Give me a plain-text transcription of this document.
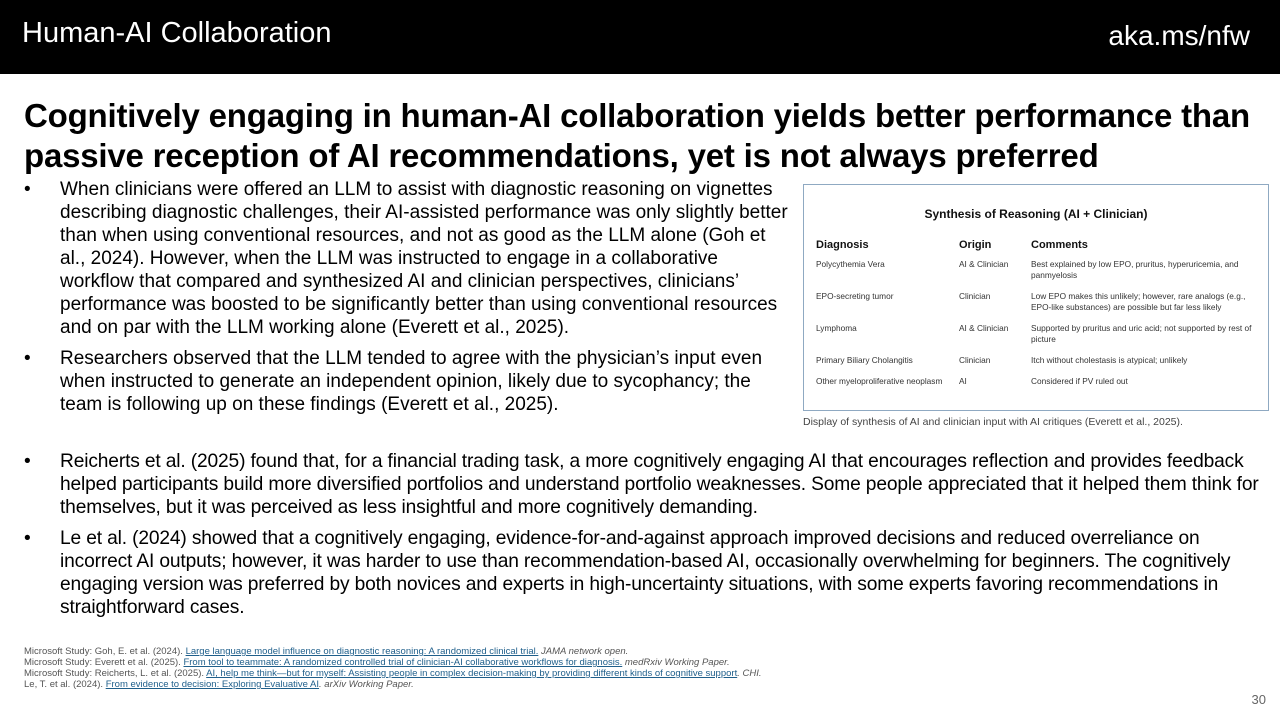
Human-AI Collaboration	aka.ms/nfw
Cognitively engaging in human-AI collaboration yields better performance than passive reception of AI recommendations, yet is not always preferred
•	When clinicians were offered an LLM to assist with diagnostic reasoning on vignettes describing diagnostic challenges, their AI-assisted performance was only slightly better than when using conventional resources, and not as good as the LLM alone (Goh et al., 2024). However, when the LLM was instructed to engage in a collaborative workflow that compared and synthesized AI and clinician perspectives, clinicians’ performance was boosted to be significantly better than using conventional resources and on par with the LLM working alone (Everett et al., 2025).
•	Researchers observed that the LLM tended to agree with the physician’s input even when instructed to generate an independent opinion, likely due to sycophancy; the team is following up on these findings (Everett et al., 2025).
Synthesis of Reasoning (AI + Clinician)
Diagnosis	Origin	Comments
Polycythemia Vera	AI & Clinician	Best explained by low EPO, pruritus, hyperuricemia, and panmyelosis
EPO-secreting tumor	Clinician	Low EPO makes this unlikely; however, rare analogs (e.g., EPO-like substances) are possible but far less likely
Lymphoma	AI & Clinician	Supported by pruritus and uric acid; not supported by rest of picture
Primary Biliary Cholangitis	Clinician	Itch without cholestasis is atypical; unlikely
Other myeloproliferative neoplasm	AI	Considered if PV ruled out
Display of synthesis of AI and clinician input with AI critiques (Everett et al., 2025).
•	Reicherts et al. (2025) found that, for a financial trading task, a more cognitively engaging AI that encourages reflection and provides feedback helped participants build more diversified portfolios and understand portfolio weaknesses. Some people appreciated that it helped them think for themselves, but it was perceived as less insightful and more cognitively demanding.
•	Le et al. (2024) showed that a cognitively engaging, evidence-for-and-against approach improved decisions and reduced overreliance on incorrect AI outputs; however, it was harder to use than recommendation-based AI, occasionally overwhelming for beginners. The cognitively engaging version was preferred by both novices and experts in high-uncertainty situations, with some experts favoring recommendations in straightforward cases.
Microsoft Study: Goh, E. et al. (2024). Large language model influence on diagnostic reasoning: A randomized clinical trial. JAMA network open.
Microsoft Study: Everett et al. (2025). From tool to teammate: A randomized controlled trial of clinician-AI collaborative workflows for diagnosis. medRxiv Working Paper.
Microsoft Study: Reicherts, L. et al. (2025). AI, help me think—but for myself: Assisting people in complex decision-making by providing different kinds of cognitive support. CHI.
Le, T. et al. (2024). From evidence to decision: Exploring Evaluative AI. arXiv Working Paper.
30
